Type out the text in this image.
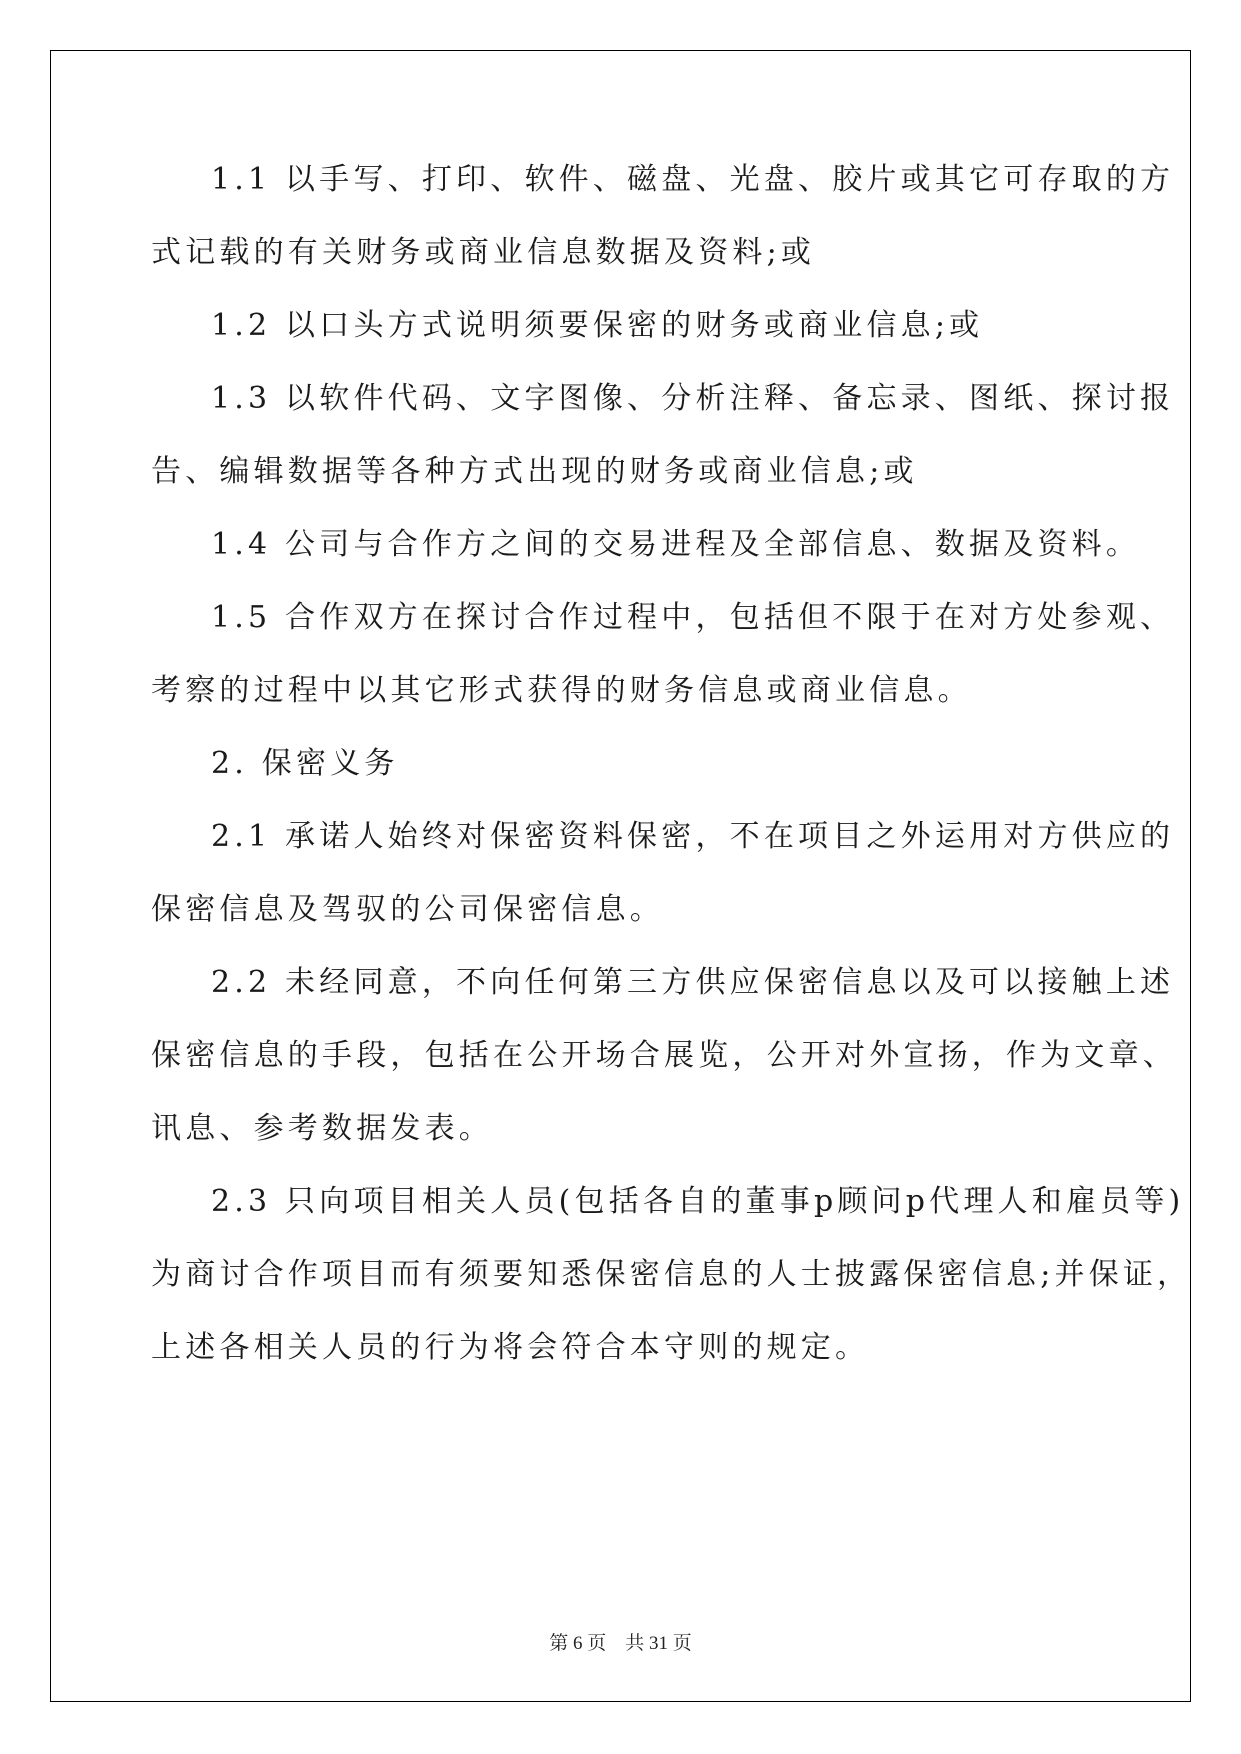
1.1 以手写、打印、软件、磁盘、光盘、胶片或其它可存取的方
式记载的有关财务或商业信息数据及资料;或
1.2 以口头方式说明须要保密的财务或商业信息;或
1.3 以软件代码、文字图像、分析注释、备忘录、图纸、探讨报
告、编辑数据等各种方式出现的财务或商业信息;或
1.4 公司与合作方之间的交易进程及全部信息、数据及资料。
1.5 合作双方在探讨合作过程中，包括但不限于在对方处参观、
考察的过程中以其它形式获得的财务信息或商业信息。
2. 保密义务
2.1 承诺人始终对保密资料保密，不在项目之外运用对方供应的
保密信息及驾驭的公司保密信息。
2.2 未经同意，不向任何第三方供应保密信息以及可以接触上述
保密信息的手段，包括在公开场合展览，公开对外宣扬，作为文章、
讯息、参考数据发表。
2.3 只向项目相关人员(包括各自的董事p顾问p代理人和雇员等)
为商讨合作项目而有须要知悉保密信息的人士披露保密信息;并保证，
上述各相关人员的行为将会符合本守则的规定。
第 6 页    共 31 页
